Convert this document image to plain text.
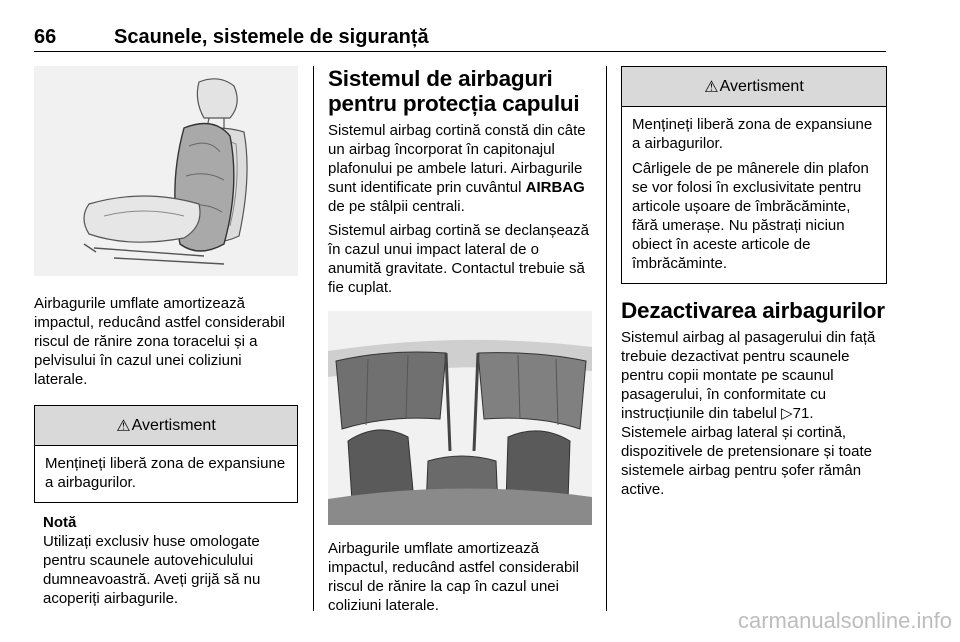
66	Scaunele, sistemele de siguranță

Airbagurile umflate amortizează impactul, reducând astfel considerabil riscul de rănire zona toracelui și a pelvisului în cazul unei coliziuni laterale.

⚠ Avertisment

Mențineți liberă zona de expansiune a airbagurilor.

Notă

Utilizați exclusiv huse omologate pentru scaunele autovehiculului dumneavoastră. Aveți grijă să nu acoperiți airbagurile.

Sistemul de airbaguri pentru protecția capului

Sistemul airbag cortină constă din câte un airbag încorporat în capitonajul plafonului pe ambele laturi. Airbagurile sunt identificate prin cuvântul AIRBAG de pe stâlpii centrali.

Sistemul airbag cortină se declanșează în cazul unui impact lateral de o anumită gravitate. Contactul trebuie să fie cuplat.

Airbagurile umflate amortizează impactul, reducând astfel considerabil riscul de rănire la cap în cazul unei coliziuni laterale.

⚠ Avertisment

Mențineți liberă zona de expansiune a airbagurilor.

Cârligele de pe mânerele din plafon se vor folosi în exclusivitate pentru articole ușoare de îmbrăcăminte, fără umerașe. Nu păstrați niciun obiect în aceste articole de îmbrăcăminte.

Dezactivarea airbagurilor

Sistemul airbag al pasagerului din față trebuie dezactivat pentru scaunele pentru copii montate pe scaunul pasagerului, în conformitate cu instrucțiunile din tabelul ▷71.

Sistemele airbag lateral și cortină, dispozitivele de pretensionare și toate sistemele airbag pentru șofer rămân active.

carmanualsonline.info
